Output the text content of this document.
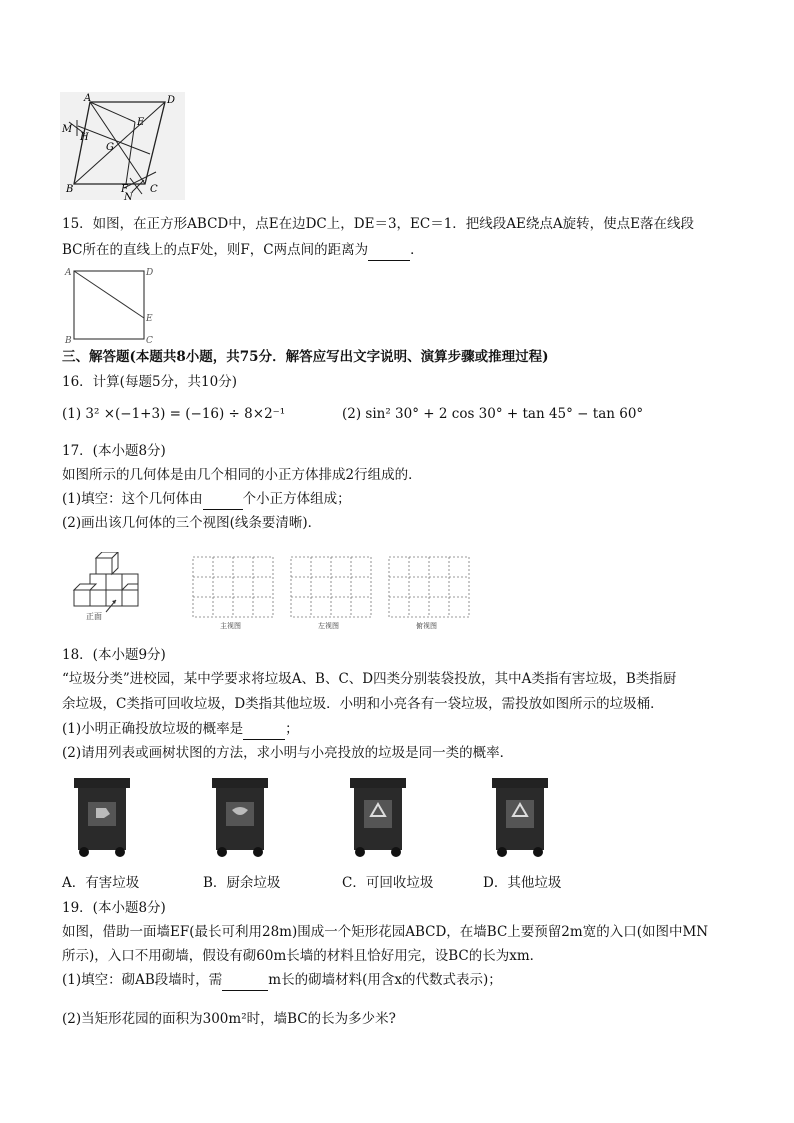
A	D
M
H
E
G
B	F
N
C
15．如图，在正方形ABCD中，点E在边DC上，DE＝3，EC＝1．把线段AE绕点A旋转，使点E落在线段
BC所在的直线上的点F处，则F，C两点间的距离为	．
A	D
E
B	C
三、解答题(本题共8小题，共75分．解答应写出文字说明、演算步骤或推理过程)
16．计算(每题5分，共10分)
(1) 3² ×(−1+3) = (−16) ÷ 8×2⁻¹	(2) sin² 30° + 2 cos 30° + tan 45° − tan 60°
17．(本小题8分)
如图所示的几何体是由几个相同的小正方体排成2行组成的．
(1)填空：这个几何体由	个小正方体组成；
(2)画出该几何体的三个视图(线条要清晰)．
正面
主视图	左视图	俯视图
18．(本小题9分)
“垃圾分类”进校园，某中学要求将垃圾A、B、C、D四类分别装袋投放，其中A类指有害垃圾，B类指厨
余垃圾，C类指可回收垃圾，D类指其他垃圾．小明和小亮各有一袋垃圾，需投放如图所示的垃圾桶．
(1)小明正确投放垃圾的概率是	；
(2)请用列表或画树状图的方法，求小明与小亮投放的垃圾是同一类的概率．
A．有害垃圾	B．厨余垃圾	C．可回收垃圾	D．其他垃圾
19．(本小题8分)
如图，借助一面墙EF(最长可利用28m)围成一个矩形花园ABCD，在墙BC上要预留2m宽的入口(如图中MN
所示)，入口不用砌墙，假设有砌60m长墙的材料且恰好用完，设BC的长为xm．
(1)填空：砌AB段墙时，需	m长的砌墙材料(用含x的代数式表示)；
(2)当矩形花园的面积为300m²时，墙BC的长为多少米?
